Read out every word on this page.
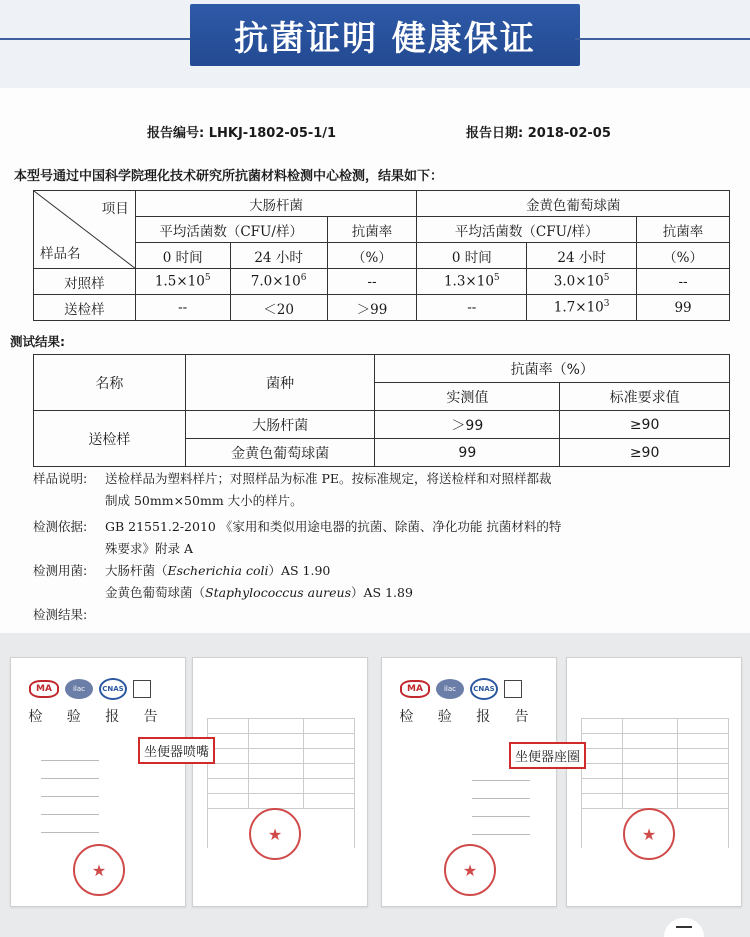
抗菌证明 健康保证
报告编号: LHKJ-1802-05-1/1	报告日期: 2018-02-05
本型号通过中国科学院理化技术研究所抗菌材料检测中心检测，结果如下：
项目
样品名	大肠杆菌			金黄色葡萄球菌		
	平均活菌数（CFU/样）		抗菌率	平均活菌数（CFU/样）		抗菌率
	0 时间	24 小时	（%）	0 时间	24 小时	（%）
对照样	$1.5\times 10^5$	$7.0\times 10^6$	--	$1.3\times 10^5$	$3.0\times 10^5$	--
送检样	--	＜20	＞99	--	$1.7\times 10^3$	99
测试结果:
名称	菌种	抗菌率（%）	
		实测值	标准要求值
送检样	大肠杆菌	＞99	≥90
	金黄色葡萄球菌	99	≥90
样品说明:	送检样品为塑料样片；对照样品为标准 PE。按标准规定，将送检样和对照样都裁
制成 50mm×50mm 大小的样片。
检测依据:	GB 21551.2-2010 《家用和类似用途电器的抗菌、除菌、净化功能 抗菌材料的特
殊要求》附录 A
检测用菌:	大肠杆菌（Escherichia coli）AS 1.90
金黄色葡萄球菌（Staphylococcus aureus）AS 1.89
检测结果:
MA	ilac	CNAS
检 验 报 告
★
★
坐便器喷嘴
MA	ilac	CNAS
检 验 报 告
★
★
坐便器座圈
